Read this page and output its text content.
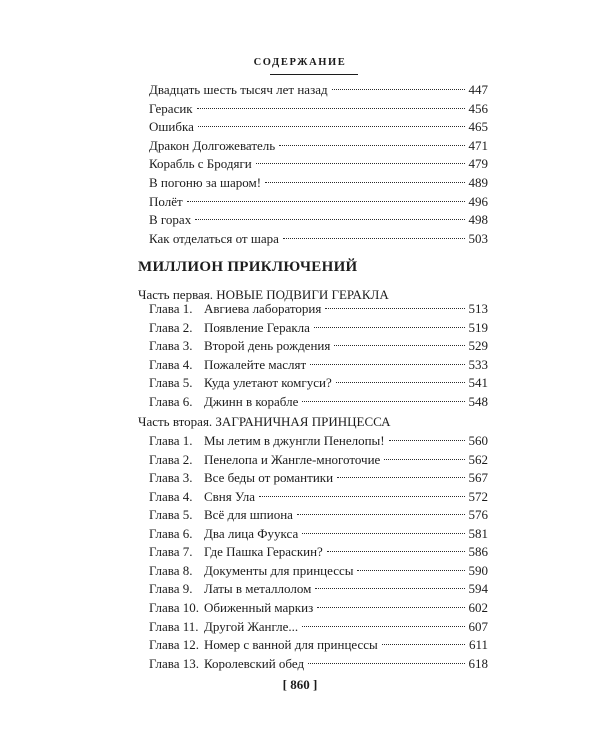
СОДЕРЖАНИЕ
Двадцать шесть тысяч лет назад	447
Герасик	456
Ошибка	465
Дракон Долгожеватель	471
Корабль с Бродяги	479
В погоню за шаром!	489
Полёт	496
В горах	498
Как отделаться от шара	503
МИЛЛИОН ПРИКЛЮЧЕНИЙ
Часть первая. НОВЫЕ ПОДВИГИ ГЕРАКЛА
Глава 1. Авгиева лаборатория	513
Глава 2. Появление Геракла	519
Глава 3. Второй день рождения	529
Глава 4. Пожалейте маслят	533
Глава 5. Куда улетают комгуси?	541
Глава 6. Джинн в корабле	548
Часть вторая. ЗАГРАНИЧНАЯ ПРИНЦЕССА
Глава 1. Мы летим в джунгли Пенелопы!	560
Глава 2. Пенелопа и Жангле-многоточие	562
Глава 3. Все беды от романтики	567
Глава 4. Свня Ула	572
Глава 5. Всё для шпиона	576
Глава 6. Два лица Фуукса	581
Глава 7. Где Пашка Гераскин?	586
Глава 8. Документы для принцессы	590
Глава 9. Латы в металлолом	594
Глава 10. Обиженный маркиз	602
Глава 11. Другой Жангле...	607
Глава 12. Номер с ванной для принцессы	611
Глава 13. Королевский обед	618
[ 860 ]
